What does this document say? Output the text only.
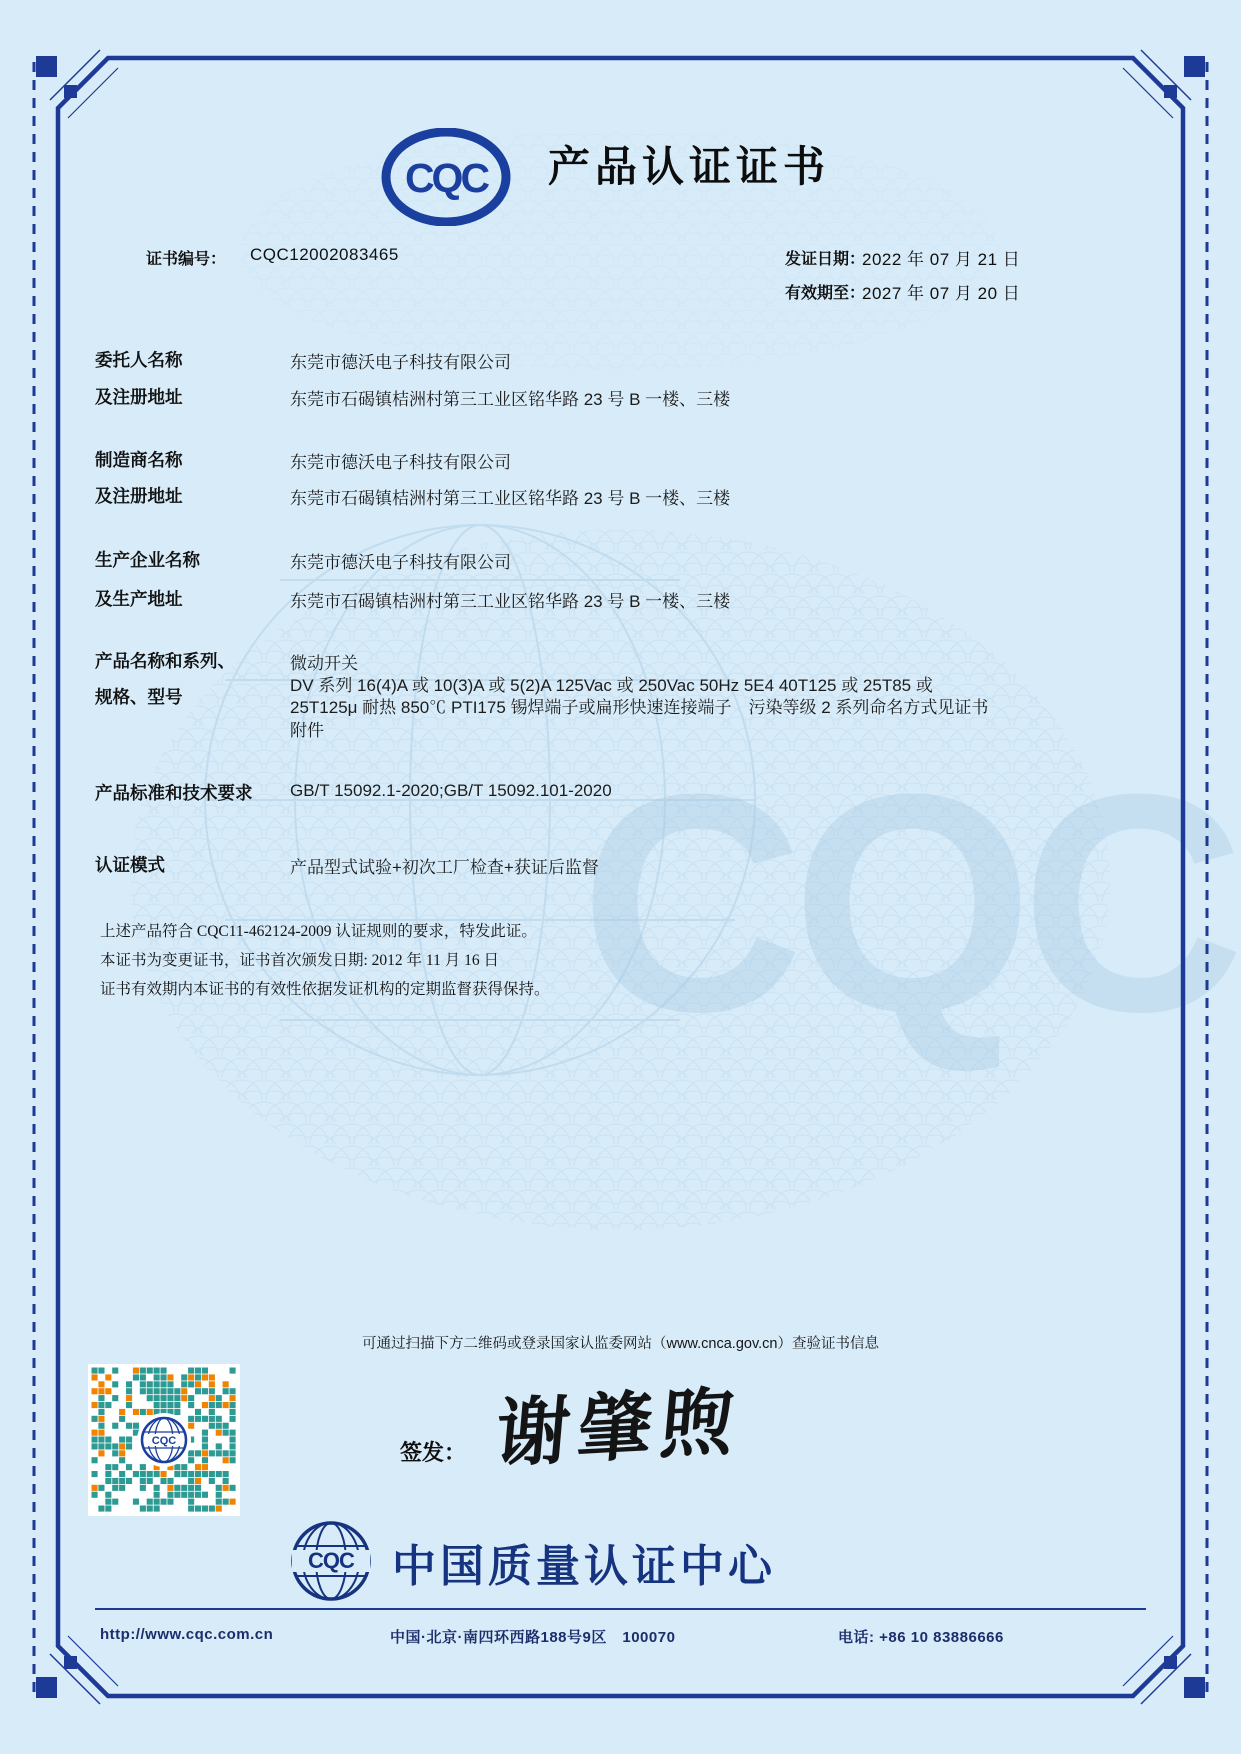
CQC
CQC 产品认证证书
证书编号： CQC12002083465	发证日期：
2022 年 07 月 21 日
有效期至：
2027 年 07 月 20 日
委托人名称	东莞市德沃电子科技有限公司
及注册地址	东莞市石碣镇桔洲村第三工业区铭华路 23 号 B 一楼、三楼
制造商名称	东莞市德沃电子科技有限公司
及注册地址	东莞市石碣镇桔洲村第三工业区铭华路 23 号 B 一楼、三楼
生产企业名称	东莞市德沃电子科技有限公司
及生产地址	东莞市石碣镇桔洲村第三工业区铭华路 23 号 B 一楼、三楼
产品名称和系列、
规格、型号
微动开关
DV 系列 16(4)A 或 10(3)A 或 5(2)A 125Vac 或 250Vac 50Hz 5E4 40T125 或 25T85 或
25T125μ 耐热 850℃ PTI175 锡焊端子或扁形快速连接端子　污染等级 2 系列命名方式见证书
附件
产品标准和技术要求 GB/T 15092.1-2020;GB/T 15092.101-2020
认证模式	产品型式试验+初次工厂检查+获证后监督
上述产品符合 CQC11-462124-2009 认证规则的要求，特发此证。
本证书为变更证书，证书首次颁发日期: 2012 年 11 月 16 日
证书有效期内本证书的有效性依据发证机构的定期监督获得保持。
可通过扫描下方二维码或登录国家认监委网站（www.cnca.gov.cn）查验证书信息
CQC	签发： 谢肇煦
CQC 中国质量认证中心
http://www.cqc.com.cn	中国·北京·南四环西路188号9区　100070	电话: +86 10 83886666
